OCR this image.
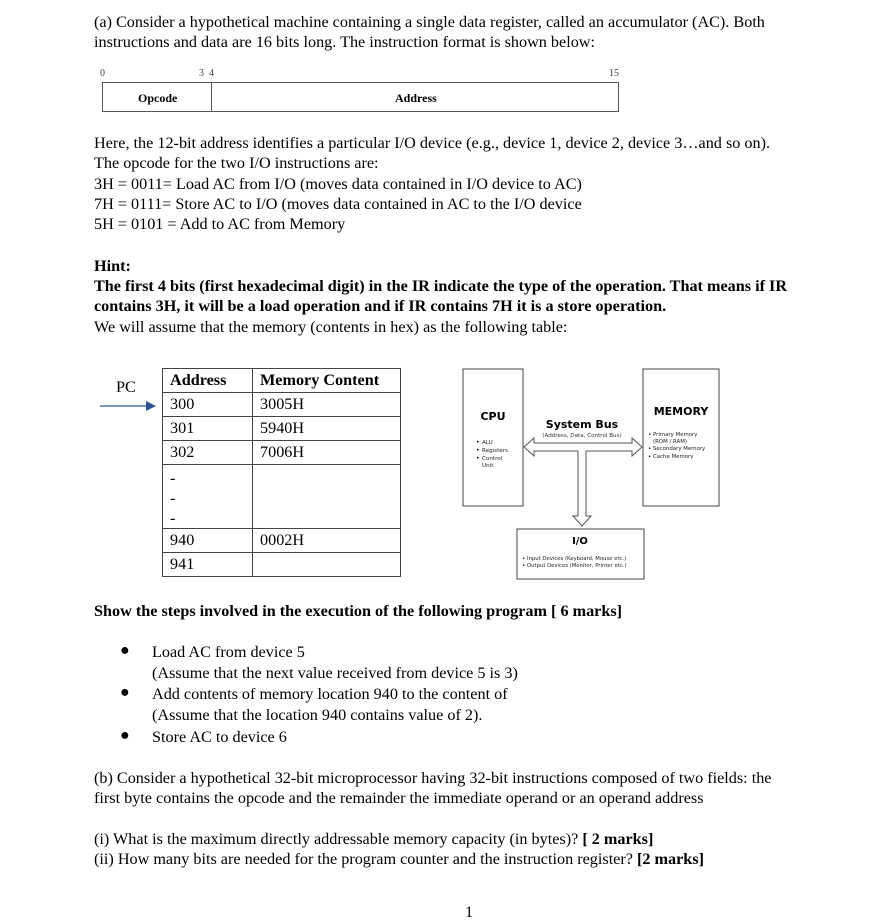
(a) Consider a hypothetical machine containing a single data register, called an accumulator (AC). Both
instructions and data are 16 bits long. The instruction format is shown below:
0	3  4	15
Opcode	Address
Here, the 12-bit address identifies a particular I/O device (e.g., device 1, device 2, device 3…and so on).
The opcode for the two I/O instructions are:
3H = 0011= Load AC from I/O (moves data contained in I/O device to AC)
7H = 0111= Store AC to I/O (moves data contained in AC to the I/O device
5H = 0101 = Add to AC from Memory
Hint:
The first 4 bits (first hexadecimal digit) in the IR indicate the type of the operation. That means if IR
contains 3H, it will be a load operation and if IR contains 7H it is a store operation.
We will assume that the memory (contents in hex) as the following table:
PC Address	Memory Content
300	3005H
301	5940H
302	7006H
-
-
-	
940	0002H
941	
CPU
• ALU
• Registers
• Control
Unit
MEMORY
• Primary Memory
(ROM / RAM)
• Secondary Memory
• Cache Memory
System Bus
(Address, Data, Control Bus)
I/O
• Input Devices (Keyboard, Mouse etc.)
• Output Devices (Monitor, Printer etc.)
Show the steps involved in the execution of the following program [ 6 marks]
● Load AC from device 5
(Assume that the next value received from device 5 is 3)
● Add contents of memory location 940 to the content of
(Assume that the location 940 contains value of 2).
● Store AC to device 6
(b) Consider a hypothetical 32-bit microprocessor having 32-bit instructions composed of two fields: the
first byte contains the opcode and the remainder the immediate operand or an operand address
(i) What is the maximum directly addressable memory capacity (in bytes)? [ 2 marks]
(ii) How many bits are needed for the program counter and the instruction register? [2 marks]
1
